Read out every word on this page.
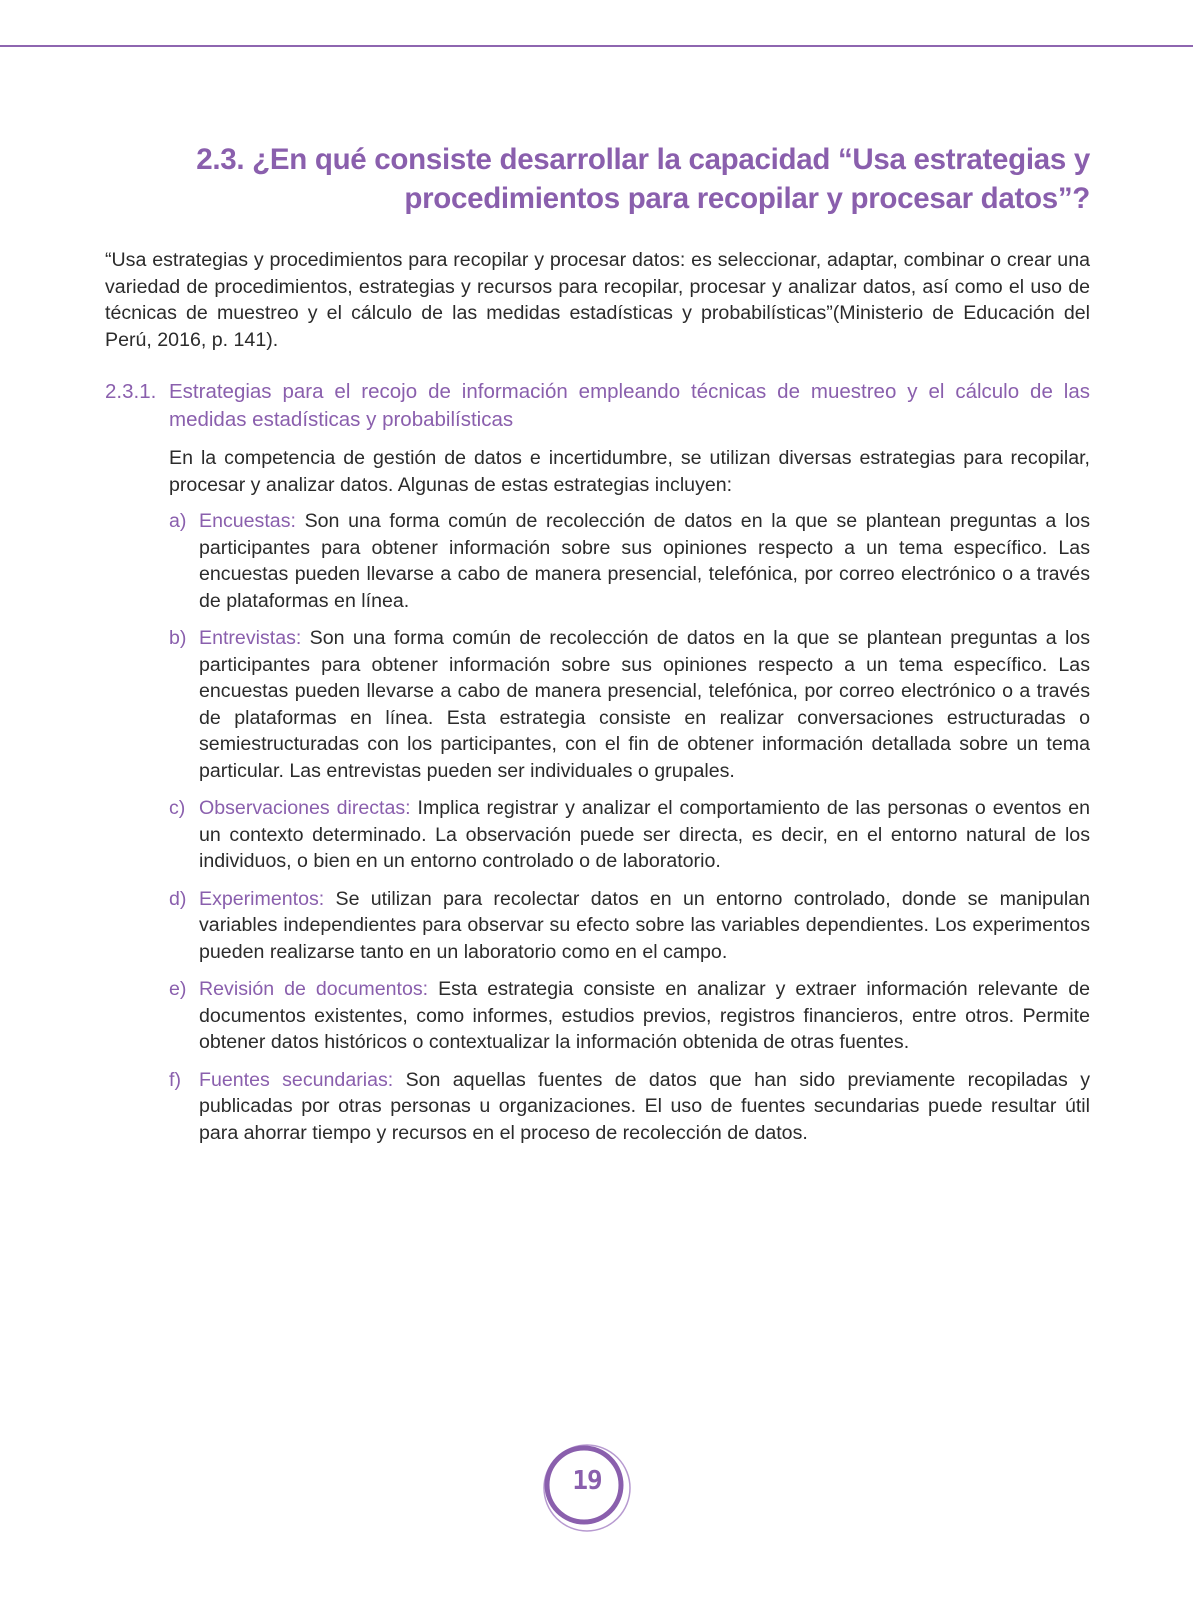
2.3. ¿En qué consiste desarrollar la capacidad “Usa estrategias y procedimientos para recopilar y procesar datos”?

“Usa estrategias y procedimientos para recopilar y procesar datos: es seleccionar, adaptar, combinar o crear una variedad de procedimientos, estrategias y recursos para recopilar, procesar y analizar datos, así como el uso de técnicas de muestreo y el cálculo de las medidas estadísticas y probabilísticas”(Ministerio de Educación del Perú, 2016, p. 141).

2.3.1. Estrategias para el recojo de información empleando técnicas de muestreo y el cálculo de las medidas estadísticas y probabilísticas

En la competencia de gestión de datos e incertidumbre, se utilizan diversas estrategias para recopilar, procesar y analizar datos. Algunas de estas estrategias incluyen:

a) Encuestas: Son una forma común de recolección de datos en la que se plantean preguntas a los participantes para obtener información sobre sus opiniones respecto a un tema específico. Las encuestas pueden llevarse a cabo de manera presencial, telefónica, por correo electrónico o a través de plataformas en línea.
b) Entrevistas: Son una forma común de recolección de datos en la que se plantean preguntas a los participantes para obtener información sobre sus opiniones respecto a un tema específico. Las encuestas pueden llevarse a cabo de manera presencial, telefónica, por correo electrónico o a través de plataformas en línea. Esta estrategia consiste en realizar conversaciones estructuradas o semiestructuradas con los participantes, con el fin de obtener información detallada sobre un tema particular. Las entrevistas pueden ser individuales o grupales.
c) Observaciones directas: Implica registrar y analizar el comportamiento de las personas o eventos en un contexto determinado. La observación puede ser directa, es decir, en el entorno natural de los individuos, o bien en un entorno controlado o de laboratorio.
d) Experimentos: Se utilizan para recolectar datos en un entorno controlado, donde se manipulan variables independientes para observar su efecto sobre las variables dependientes. Los experimentos pueden realizarse tanto en un laboratorio como en el campo.
e) Revisión de documentos: Esta estrategia consiste en analizar y extraer información relevante de documentos existentes, como informes, estudios previos, registros financieros, entre otros. Permite obtener datos históricos o contextualizar la información obtenida de otras fuentes.
f) Fuentes secundarias: Son aquellas fuentes de datos que han sido previamente recopiladas y publicadas por otras personas u organizaciones. El uso de fuentes secundarias puede resultar útil para ahorrar tiempo y recursos en el proceso de recolección de datos.
19
